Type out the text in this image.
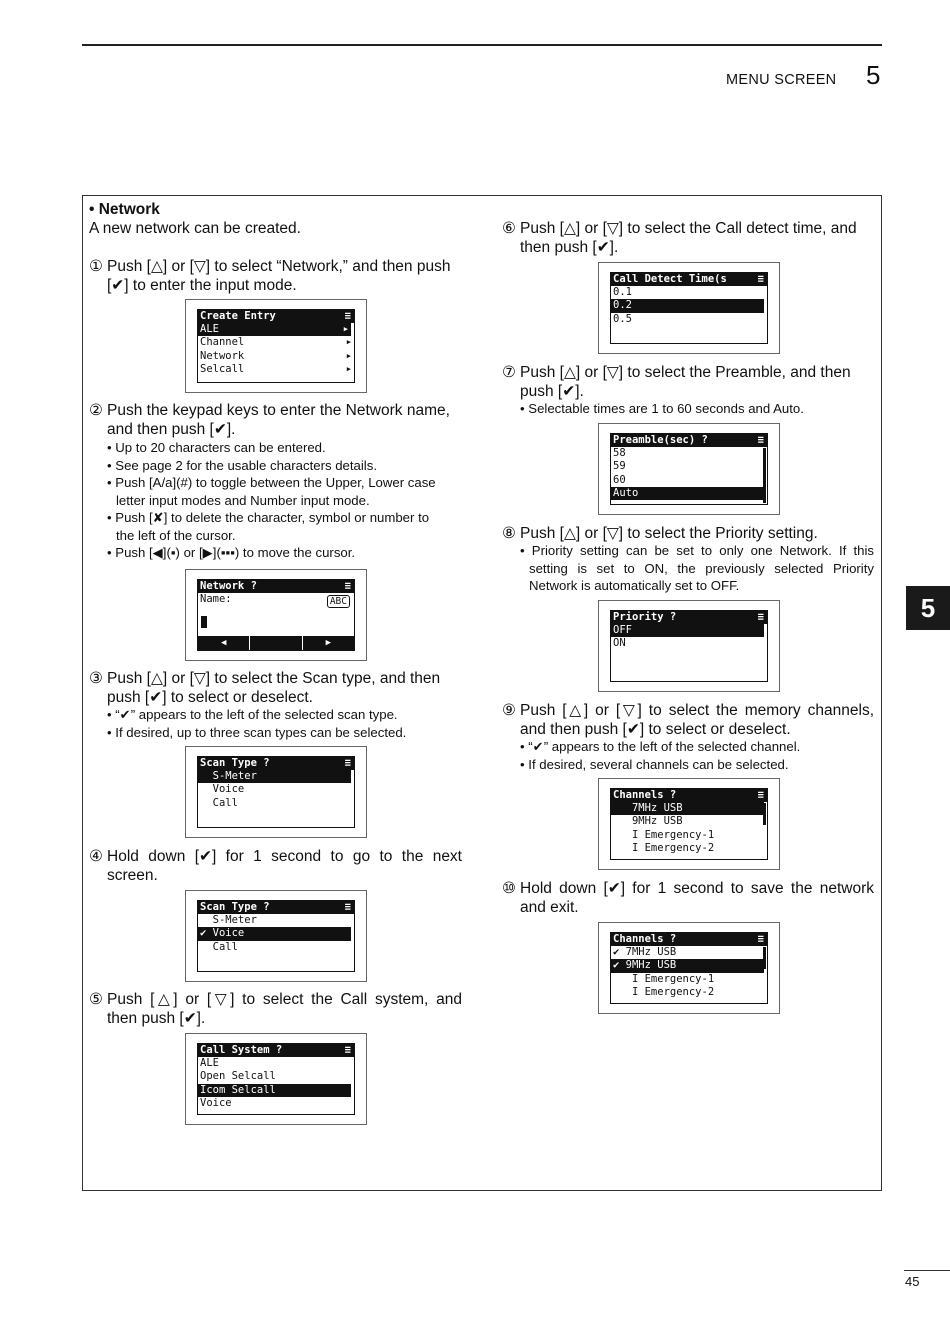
MENU SCREEN 5
5
45
• Network
A new network can be created.
① Push [△] or [▽] to select “Network,” and then push
[✔] to enter the input mode.
Create Entry	≡
ALE	▶
Channel	▶
Network	▶
Selcall	▶
② Push the keypad keys to enter the Network name,
and then push [✔].
• Up to 20 characters can be entered.
• See page 2 for the usable characters details.
• Push [A/a](#) to toggle between the Upper, Lower case
letter input modes and Number input mode.
• Push [✘] to delete the character, symbol or number to
the left of the cursor.
• Push [◀](▪) or [▶](▪▪▪) to move the cursor.
Network ?	≡
Name:	ABC
◀	▶
③ Push [△] or [▽] to select the Scan type, and then
push [✔] to select or deselect.
• “✔” appears to the left of the selected scan type.
• If desired, up to three scan types can be selected.
Scan Type ?	≡
S-Meter
Voice
Call
④ Hold down [✔] for 1 second to go to the next
screen.
Scan Type ?	≡
S-Meter
✔ Voice
Call
⑤ Push [△] or [▽] to select the Call system, and
then push [✔].
Call System ?	≡
ALE
Open Selcall
Icom Selcall
Voice
⑥ Push [△] or [▽] to select the Call detect time, and
then push [✔].
Call Detect Time(s	≡
0.1
0.2
0.5
⑦ Push [△] or [▽] to select the Preamble, and then
push [✔].
• Selectable times are 1 to 60 seconds and Auto.
Preamble(sec) ?	≡
58
59
60
Auto
⑧ Push [△] or [▽] to select the Priority setting.
• Priority setting can be set to only one Network. If this
setting is set to ON, the previously selected Priority
Network is automatically set to OFF.
Priority ?	≡
OFF
ON
⑨ Push [△] or [▽] to select the memory channels,
and then push [✔] to select or deselect.
• “✔” appears to the left of the selected channel.
• If desired, several channels can be selected.
Channels ?	≡
7MHz USB
9MHz USB
I Emergency-1
I Emergency-2
⑩ Hold down [✔] for 1 second to save the network
and exit.
Channels ?	≡
✔ 7MHz USB
✔ 9MHz USB
I Emergency-1
I Emergency-2
